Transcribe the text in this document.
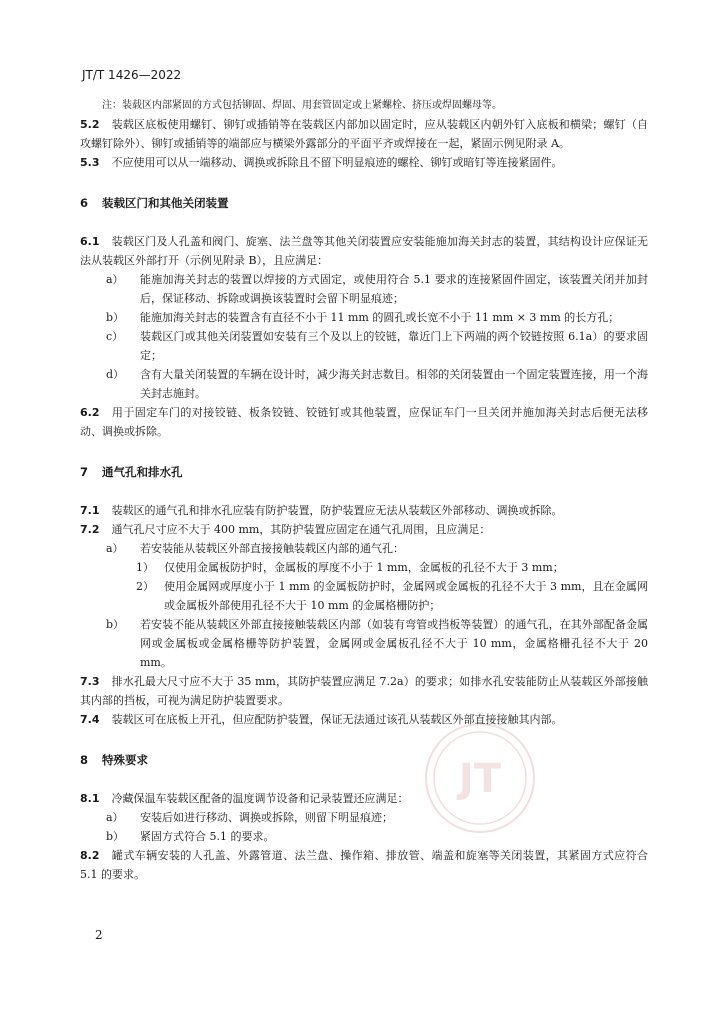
JT/T 1426—2022
JT

注：装载区内部紧固的方式包括铆固、焊固、用套管固定或上紧螺栓、挤压或焊固螺母等。

5.2 装载区底板使用螺钉、铆钉或插销等在装载区内部加以固定时，应从装载区内朝外钉入底板和横梁；螺钉（自攻螺钉除外）、铆钉或插销等的端部应与横梁外露部分的平面平齐或焊接在一起，紧固示例见附录 A。

5.3 不应使用可以从一端移动、调换或拆除且不留下明显痕迹的螺栓、铆钉或暗钉等连接紧固件。

6 装载区门和其他关闭装置

6.1 装载区门及人孔盖和阀门、旋塞、法兰盘等其他关闭装置应安装能施加海关封志的装置，其结构设计应保证无法从装载区外部打开（示例见附录 B），且应满足：

a） 能施加海关封志的装置以焊接的方式固定，或使用符合 5.1 要求的连接紧固件固定，该装置关闭并加封后，保证移动、拆除或调换该装置时会留下明显痕迹；

b） 能施加海关封志的装置含有直径不小于 11 mm 的圆孔或长宽不小于 11 mm × 3 mm 的长方孔；

c） 装载区门或其他关闭装置如安装有三个及以上的铰链，靠近门上下两端的两个铰链按照 6.1a）的要求固定；

d） 含有大量关闭装置的车辆在设计时，减少海关封志数目。相邻的关闭装置由一个固定装置连接，用一个海关封志施封。

6.2 用于固定车门的对接铰链、板条铰链、铰链钉或其他装置，应保证车门一旦关闭并施加海关封志后便无法移动、调换或拆除。

7 通气孔和排水孔

7.1 装载区的通气孔和排水孔应装有防护装置，防护装置应无法从装载区外部移动、调换或拆除。

7.2 通气孔尺寸应不大于 400 mm，其防护装置应固定在通气孔周围，且应满足：

a） 若安装能从装载区外部直接接触装载区内部的通气孔：

1） 仅使用金属板防护时，金属板的厚度不小于 1 mm，金属板的孔径不大于 3 mm；

2） 使用金属网或厚度小于 1 mm 的金属板防护时，金属网或金属板的孔径不大于 3 mm，且在金属网或金属板外部使用孔径不大于 10 mm 的金属格栅防护；

b） 若安装不能从装载区外部直接接触装载区内部（如装有弯管或挡板等装置）的通气孔，在其外部配备金属网或金属板或金属格栅等防护装置，金属网或金属板孔径不大于 10 mm，金属格栅孔径不大于 20 mm。

7.3 排水孔最大尺寸应不大于 35 mm，其防护装置应满足 7.2a）的要求；如排水孔安装能防止从装载区外部接触其内部的挡板，可视为满足防护装置要求。

7.4 装载区可在底板上开孔，但应配防护装置，保证无法通过该孔从装载区外部直接接触其内部。

8 特殊要求

8.1 冷藏保温车装载区配备的温度调节设备和记录装置还应满足：

a） 安装后如进行移动、调换或拆除，则留下明显痕迹；

b） 紧固方式符合 5.1 的要求。

8.2 罐式车辆安装的人孔盖、外露管道、法兰盘、操作箱、排放管、端盖和旋塞等关闭装置，其紧固方式应符合 5.1 的要求。

2
